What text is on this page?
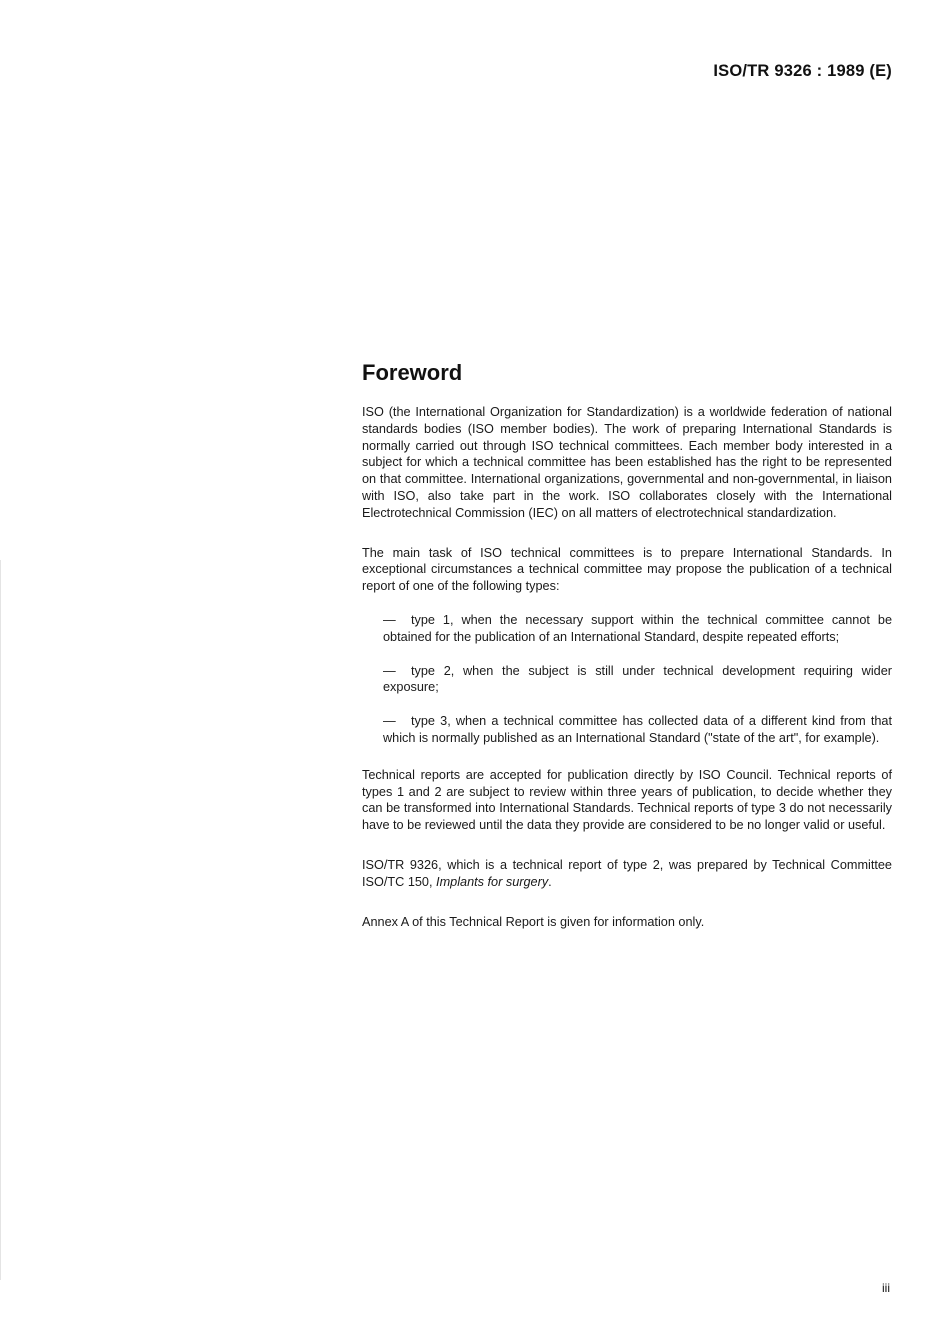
ISO/TR 9326 : 1989 (E)
Foreword

ISO (the International Organization for Standardization) is a worldwide federation of national standards bodies (ISO member bodies). The work of preparing International Standards is normally carried out through ISO technical committees. Each member body interested in a subject for which a technical committee has been established has the right to be represented on that committee. International organizations, governmental and non-governmental, in liaison with ISO, also take part in the work. ISO collaborates closely with the International Electrotechnical Commission (IEC) on all matters of electrotechnical standardization.

The main task of ISO technical committees is to prepare International Standards. In exceptional circumstances a technical committee may propose the publication of a technical report of one of the following types:

— type 1, when the necessary support within the technical committee cannot be obtained for the publication of an International Standard, despite repeated efforts;
— type 2, when the subject is still under technical development requiring wider exposure;
— type 3, when a technical committee has collected data of a different kind from that which is normally published as an International Standard ("state of the art", for example).

Technical reports are accepted for publication directly by ISO Council. Technical reports of types 1 and 2 are subject to review within three years of publication, to decide whether they can be transformed into International Standards. Technical reports of type 3 do not necessarily have to be reviewed until the data they provide are considered to be no longer valid or useful.

ISO/TR 9326, which is a technical report of type 2, was prepared by Technical Committee ISO/TC 150, Implants for surgery.

Annex A of this Technical Report is given for information only.

iii
